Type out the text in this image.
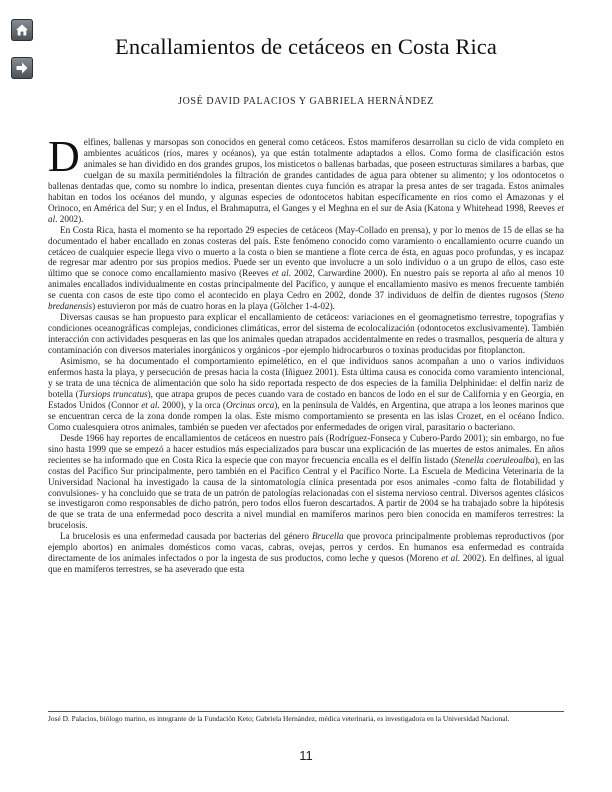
Encallamientos de cetáceos en Costa Rica

JOSÉ DAVID PALACIOS Y GABRIELA HERNÁNDEZ

Delfines, ballenas y marsopas son conocidos en general como cetáceos. Estos mamíferos desarrollan su ciclo de vida completo en ambientes acuáticos (ríos, mares y océanos), ya que están totalmente adaptados a ellos. Como forma de clasificación estos animales se han dividido en dos grandes grupos, los misticetos o ballenas barbadas, que poseen estructuras similares a barbas, que cuelgan de su maxila permitiéndoles la filtración de grandes cantidades de agua para obtener su alimento; y los odontocetos o ballenas dentadas que, como su nombre lo indica, presentan dientes cuya función es atrapar la presa antes de ser tragada. Estos animales habitan en todos los océanos del mundo, y algunas especies de odontocetos habitan específicamente en ríos como el Amazonas y el Orinoco, en América del Sur; y en el Indus, el Brahmaputra, el Ganges y el Meghna en el sur de Asia (Katona y Whitehead 1998, Reeves et al. 2002).

En Costa Rica, hasta el momento se ha reportado 29 especies de cetáceos (May-Collado en prensa), y por lo menos de 15 de ellas se ha documentado el haber encallado en zonas costeras del país. Este fenómeno conocido como varamiento o encallamiento ocurre cuando un cetáceo de cualquier especie llega vivo o muerto a la costa o bien se mantiene a flote cerca de ésta, en aguas poco profundas, y es incapaz de regresar mar adentro por sus propios medios. Puede ser un evento que involucre a un solo individuo o a un grupo de ellos, caso este último que se conoce como encallamiento masivo (Reeves et al. 2002, Carwardine 2000). En nuestro país se reporta al año al menos 10 animales encallados individualmente en costas principalmente del Pacífico, y aunque el encallamiento masivo es menos frecuente también se cuenta con casos de este tipo como el acontecido en playa Cedro en 2002, donde 37 individuos de delfín de dientes rugosos (Steno bredanensis) estuvieron por más de cuatro horas en la playa (Gölcher 1-4-02).

Diversas causas se han propuesto para explicar el encallamiento de cetáceos: variaciones en el geomagnetismo terrestre, topografías y condiciones oceanográficas complejas, condiciones climáticas, error del sistema de ecolocalización (odontocetos exclusivamente). También interacción con actividades pesqueras en las que los animales quedan atrapados accidentalmente en redes o trasmallos, pesquería de altura y contaminación con diversos materiales inorgánicos y orgánicos -por ejemplo hidrocarburos o toxinas producidas por fitoplancton.

Asimismo, se ha documentado el comportamiento epimelético, en el que individuos sanos acompañan a uno o varios individuos enfermos hasta la playa, y persecución de presas hacia la costa (Iñiguez 2001). Esta última causa es conocida como varamiento intencional, y se trata de una técnica de alimentación que solo ha sido reportada respecto de dos especies de la familia Delphinidae: el delfín nariz de botella (Tursiops truncatus), que atrapa grupos de peces cuando vara de costado en bancos de lodo en el sur de California y en Georgia, en Estados Unidos (Connor et al. 2000), y la orca (Orcinus orca), en la península de Valdés, en Argentina, que atrapa a los leones marinos que se encuentran cerca de la zona donde rompen la olas. Este mismo comportamiento se presenta en las islas Crozet, en el océano Índico. Como cualesquiera otros animales, también se pueden ver afectados por enfermedades de origen viral, parasitario o bacteriano.

Desde 1966 hay reportes de encallamientos de cetáceos en nuestro país (Rodríguez-Fonseca y Cubero-Pardo 2001); sin embargo, no fue sino hasta 1999 que se empezó a hacer estudios más especializados para buscar una explicación de las muertes de estos animales. En años recientes se ha informado que en Costa Rica la especie que con mayor frecuencia encalla es el delfín listado (Stenella coeruleoalba), en las costas del Pacífico Sur principalmente, pero también en el Pacífico Central y el Pacífico Norte. La Escuela de Medicina Veterinaria de la Universidad Nacional ha investigado la causa de la sintomatología clínica presentada por esos animales -como falta de flotabilidad y convulsiones- y ha concluido que se trata de un patrón de patologías relacionadas con el sistema nervioso central. Diversos agentes clásicos se investigaron como responsables de dicho patrón, pero todos ellos fueron descartados. A partir de 2004 se ha trabajado sobre la hipótesis de que se trata de una enfermedad poco descrita a nivel mundial en mamíferos marinos pero bien conocida en mamíferos terrestres: la brucelosis.

La brucelosis es una enfermedad causada por bacterias del género Brucella que provoca principalmente problemas reproductivos (por ejemplo abortos) en animales domésticos como vacas, cabras, ovejas, perros y cerdos. En humanos esa enfermedad es contraída directamente de los animales infectados o por la ingesta de sus productos, como leche y quesos (Moreno et al. 2002). En delfines, al igual que en mamíferos terrestres, se ha aseverado que esta

José D. Palacios, biólogo marino, es integrante de la Fundación Keto; Gabriela Hernández, médica veterinaria, es investigadora en la Universidad Nacional.

11
